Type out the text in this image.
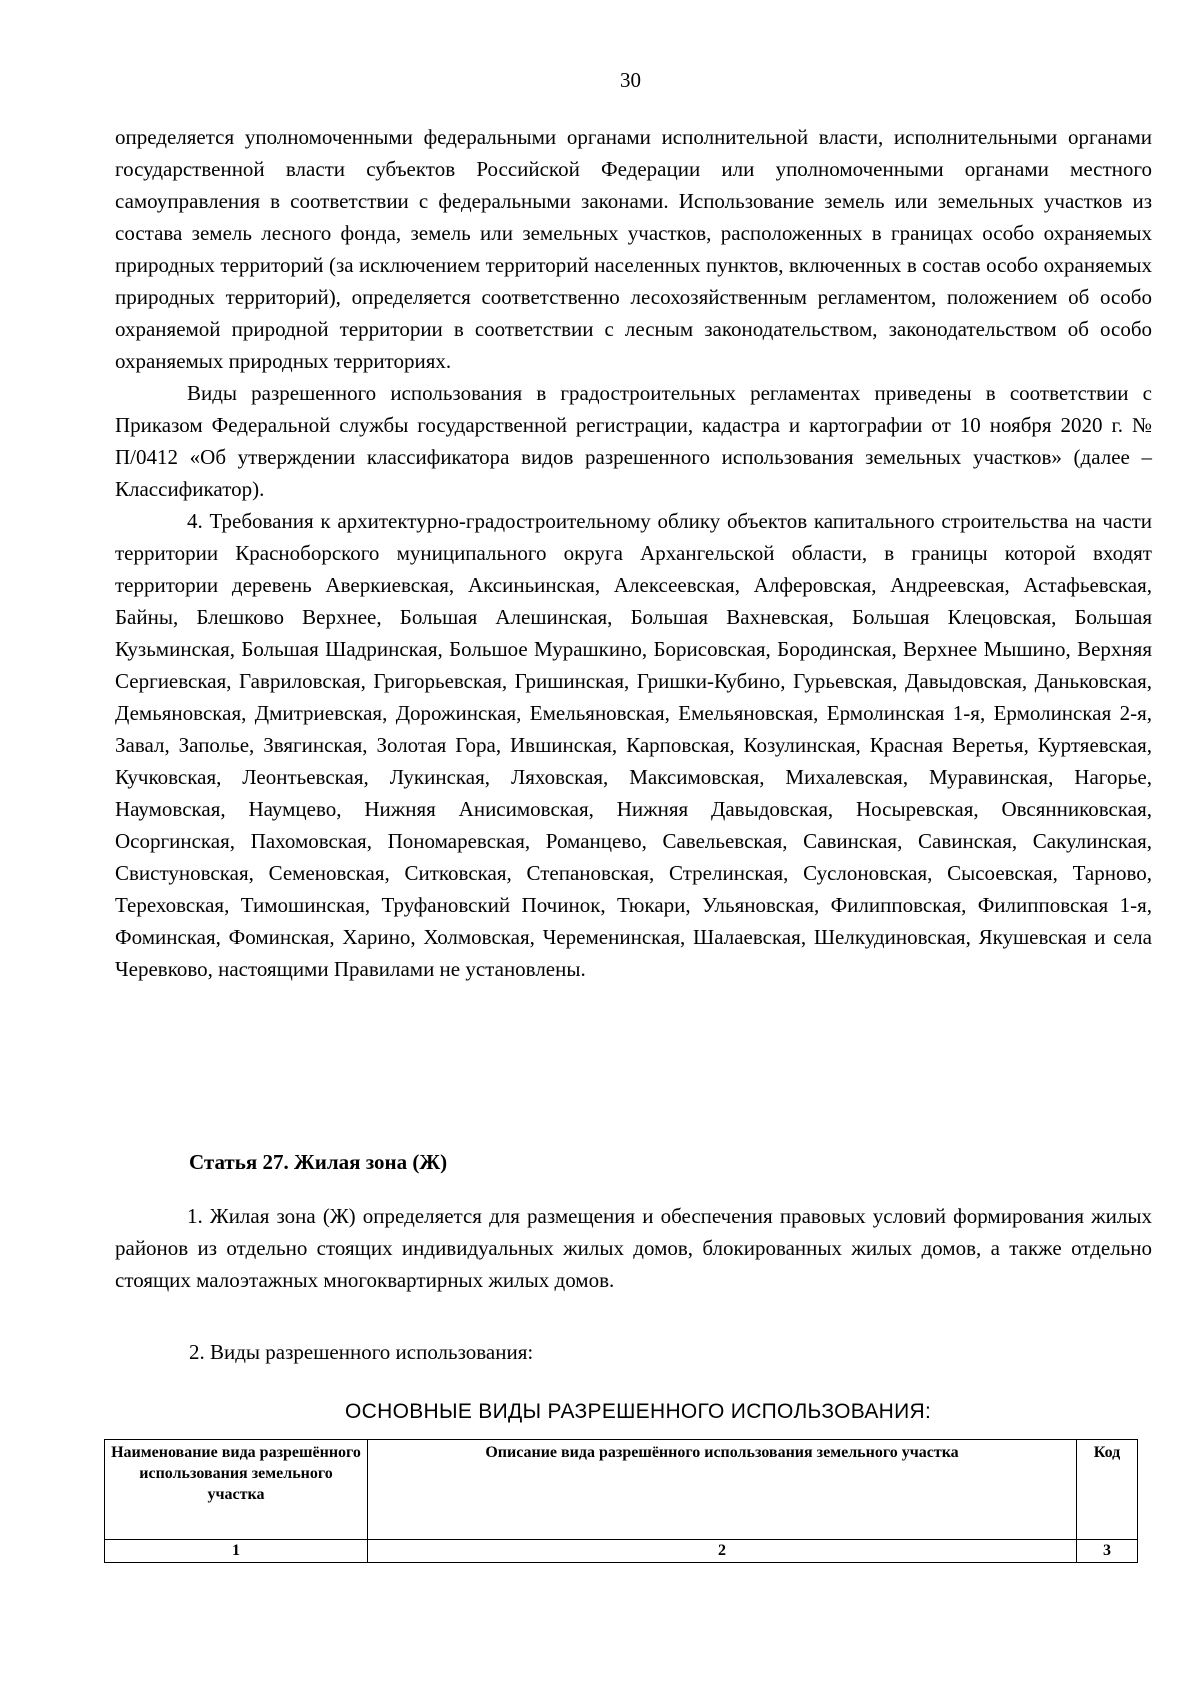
30

определяется уполномоченными федеральными органами исполнительной власти, исполнительными органами государственной власти субъектов Российской Федерации или уполномоченными органами местного самоуправления в соответствии с федеральными законами. Использование земель или земельных участков из состава земель лесного фонда, земель или земельных участков, расположенных в границах особо охраняемых природных территорий (за исключением территорий населенных пунктов, включенных в состав особо охраняемых природных территорий), определяется соответственно лесохозяйственным регламентом, положением об особо охраняемой природной территории в соответствии с лесным законодательством, законодательством об особо охраняемых природных территориях.

Виды разрешенного использования в градостроительных регламентах приведены в соответствии с Приказом Федеральной службы государственной регистрации, кадастра и картографии от 10 ноября 2020 г. № П/0412 «Об утверждении классификатора видов разрешенного использования земельных участков» (далее – Классификатор).

4. Требования к архитектурно-градостроительному облику объектов капитального строительства на части территории Красноборского муниципального округа Архангельской области, в границы которой входят территории деревень Аверкиевская, Аксиньинская, Алексеевская, Алферовская, Андреевская, Астафьевская, Байны, Блешково Верхнее, Большая Алешинская, Большая Вахневская, Большая Клецовская, Большая Кузьминская, Большая Шадринская, Большое Мурашкино, Борисовская, Бородинская, Верхнее Мышино, Верхняя Сергиевская, Гавриловская, Григорьевская, Гришинская, Гришки-Кубино, Гурьевская, Давыдовская, Даньковская, Демьяновская, Дмитриевская, Дорожинская, Емельяновская, Емельяновская, Ермолинская 1-я, Ермолинская 2-я, Завал, Заполье, Звягинская, Золотая Гора, Ившинская, Карповская, Козулинская, Красная Веретья, Куртяевская, Кучковская, Леонтьевская, Лукинская, Ляховская, Максимовская, Михалевская, Муравинская, Нагорье, Наумовская, Наумцево, Нижняя Анисимовская, Нижняя Давыдовская, Носыревская, Овсянниковская, Осоргинская, Пахомовская, Пономаревская, Романцево, Савельевская, Савинская, Савинская, Сакулинская, Свистуновская, Семеновская, Ситковская, Степановская, Стрелинская, Суслоновская, Сысоевская, Тарново, Тереховская, Тимошинская, Труфановский Починок, Тюкари, Ульяновская, Филипповская, Филипповская 1-я, Фоминская, Фоминская, Харино, Холмовская, Череменинская, Шалаевская, Шелкудиновская, Якушевская и села Черевково, настоящими Правилами не установлены.

Статья 27. Жилая зона (Ж)

1. Жилая зона (Ж) определяется для размещения и обеспечения правовых условий формирования жилых районов из отдельно стоящих индивидуальных жилых домов, блокированных жилых домов, а также отдельно стоящих малоэтажных многоквартирных жилых домов.

2. Виды разрешенного использования:
ОСНОВНЫЕ ВИДЫ РАЗРЕШЕННОГО ИСПОЛЬЗОВАНИЯ:
Наименование вида разрешённого использования земельного участка	Описание вида разрешённого использования земельного участка	Код
1	2	3
